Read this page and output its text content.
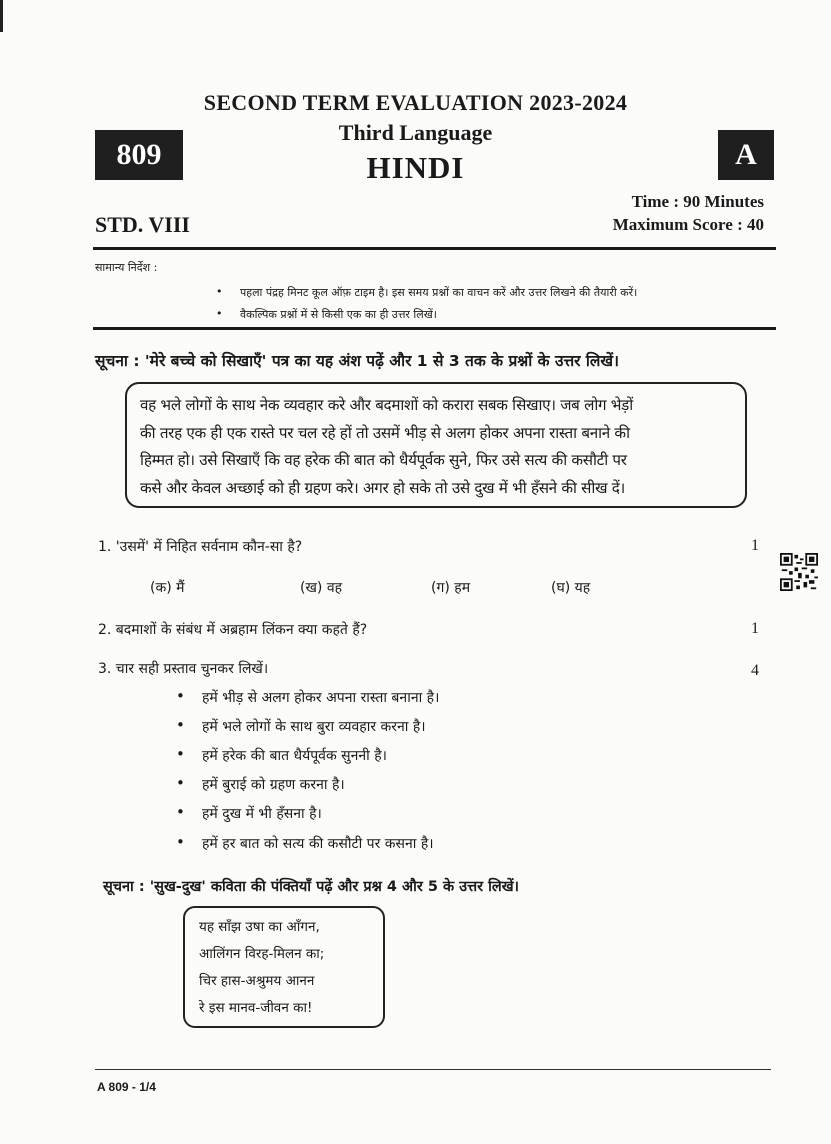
SECOND TERM EVALUATION 2023-2024
Third Language
HINDI
809	A
Time : 90 Minutes
Maximum Score : 40
STD. VIII
सामान्य निर्देश :
• पहला पंद्रह मिनट कूल ऑफ़ टाइम है। इस समय प्रश्नों का वाचन करें और उत्तर लिखने की तैयारी करें।
• वैकल्पिक प्रश्नों में से किसी एक का ही उत्तर लिखें।
सूचना : 'मेरे बच्चे को सिखाएँ' पत्र का यह अंश पढ़ें और 1 से 3 तक के प्रश्नों के उत्तर लिखें।
वह भले लोगों के साथ नेक व्यवहार करे और बदमाशों को करारा सबक सिखाए। जब लोग भेड़ों
की तरह एक ही एक रास्ते पर चल रहे हों तो उसमें भीड़ से अलग होकर अपना रास्ता बनाने की
हिम्मत हो। उसे सिखाएँ कि वह हरेक की बात को धैर्यपूर्वक सुने, फिर उसे सत्य की कसौटी पर
कसे और केवल अच्छाई को ही ग्रहण करे। अगर हो सके तो उसे दुख में भी हँसने की सीख दें।
1. 'उसमें' में निहित सर्वनाम कौन-सा है?	1
(क) मैं	(ख) वह	(ग) हम	(घ) यह
2. बदमाशों के संबंध में अब्रहाम लिंकन क्या कहते हैं?	1
3. चार सही प्रस्ताव चुनकर लिखें।	4
• हमें भीड़ से अलग होकर अपना रास्ता बनाना है।
• हमें भले लोगों के साथ बुरा व्यवहार करना है।
• हमें हरेक की बात धैर्यपूर्वक सुननी है।
• हमें बुराई को ग्रहण करना है।
• हमें दुख में भी हँसना है।
• हमें हर बात को सत्य की कसौटी पर कसना है।
सूचना : 'सुख-दुख' कविता की पंक्तियाँ पढ़ें और प्रश्न 4 और 5 के उत्तर लिखें।
यह साँझ उषा का आँगन,
आलिंगन विरह-मिलन का;
चिर हास-अश्रुमय आनन
रे इस मानव-जीवन का!
A 809 - 1/4
